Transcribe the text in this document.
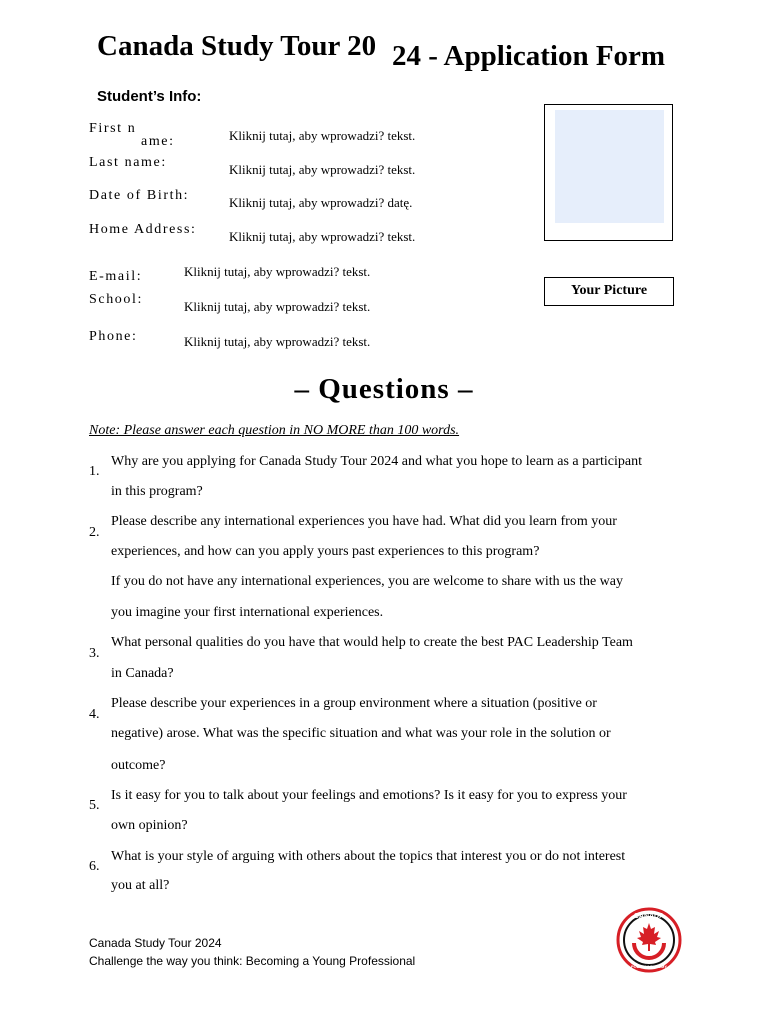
Canada Study Tour 20 24 - Application Form
Student’s Info:
First n
ame:
Last name:
Date of Birth:
Home Address:
E-mail:
School:
Phone:
Kliknij tutaj, aby wprowadzi? tekst.
Kliknij tutaj, aby wprowadzi? tekst.
Kliknij tutaj, aby wprowadzi? datę.
Kliknij tutaj, aby wprowadzi? tekst.
Kliknij tutaj, aby wprowadzi? tekst.
Kliknij tutaj, aby wprowadzi? tekst.
Kliknij tutaj, aby wprowadzi? tekst.
Your Picture
– Questions –
Note: Please answer each question in NO MORE than 100 words.
1.
Why are you applying for Canada Study Tour 2024 and what you hope to learn as a participant
in this program?
2.
Please describe any international experiences you have had. What did you learn from your
experiences, and how can you apply yours past experiences to this program?
If you do not have any international experiences, you are welcome to share with us the way
you imagine your first international experiences.
3.
What personal qualities do you have that would help to create the best PAC Leadership Team
in Canada?
4.
Please describe your experiences in a group environment where a situation (positive or
negative) arose. What was the specific situation and what was your role in the solution or
outcome?
5.
Is it easy for you to talk about your feelings and emotions? Is it easy for you to express your
own opinion?
6.
What is your style of arguing with others about the topics that interest you or do not interest
you at all?
Canada Study Tour 2024
Challenge the way you think: Becoming a Young Professional
CANADA
POLISH ACADEMY
